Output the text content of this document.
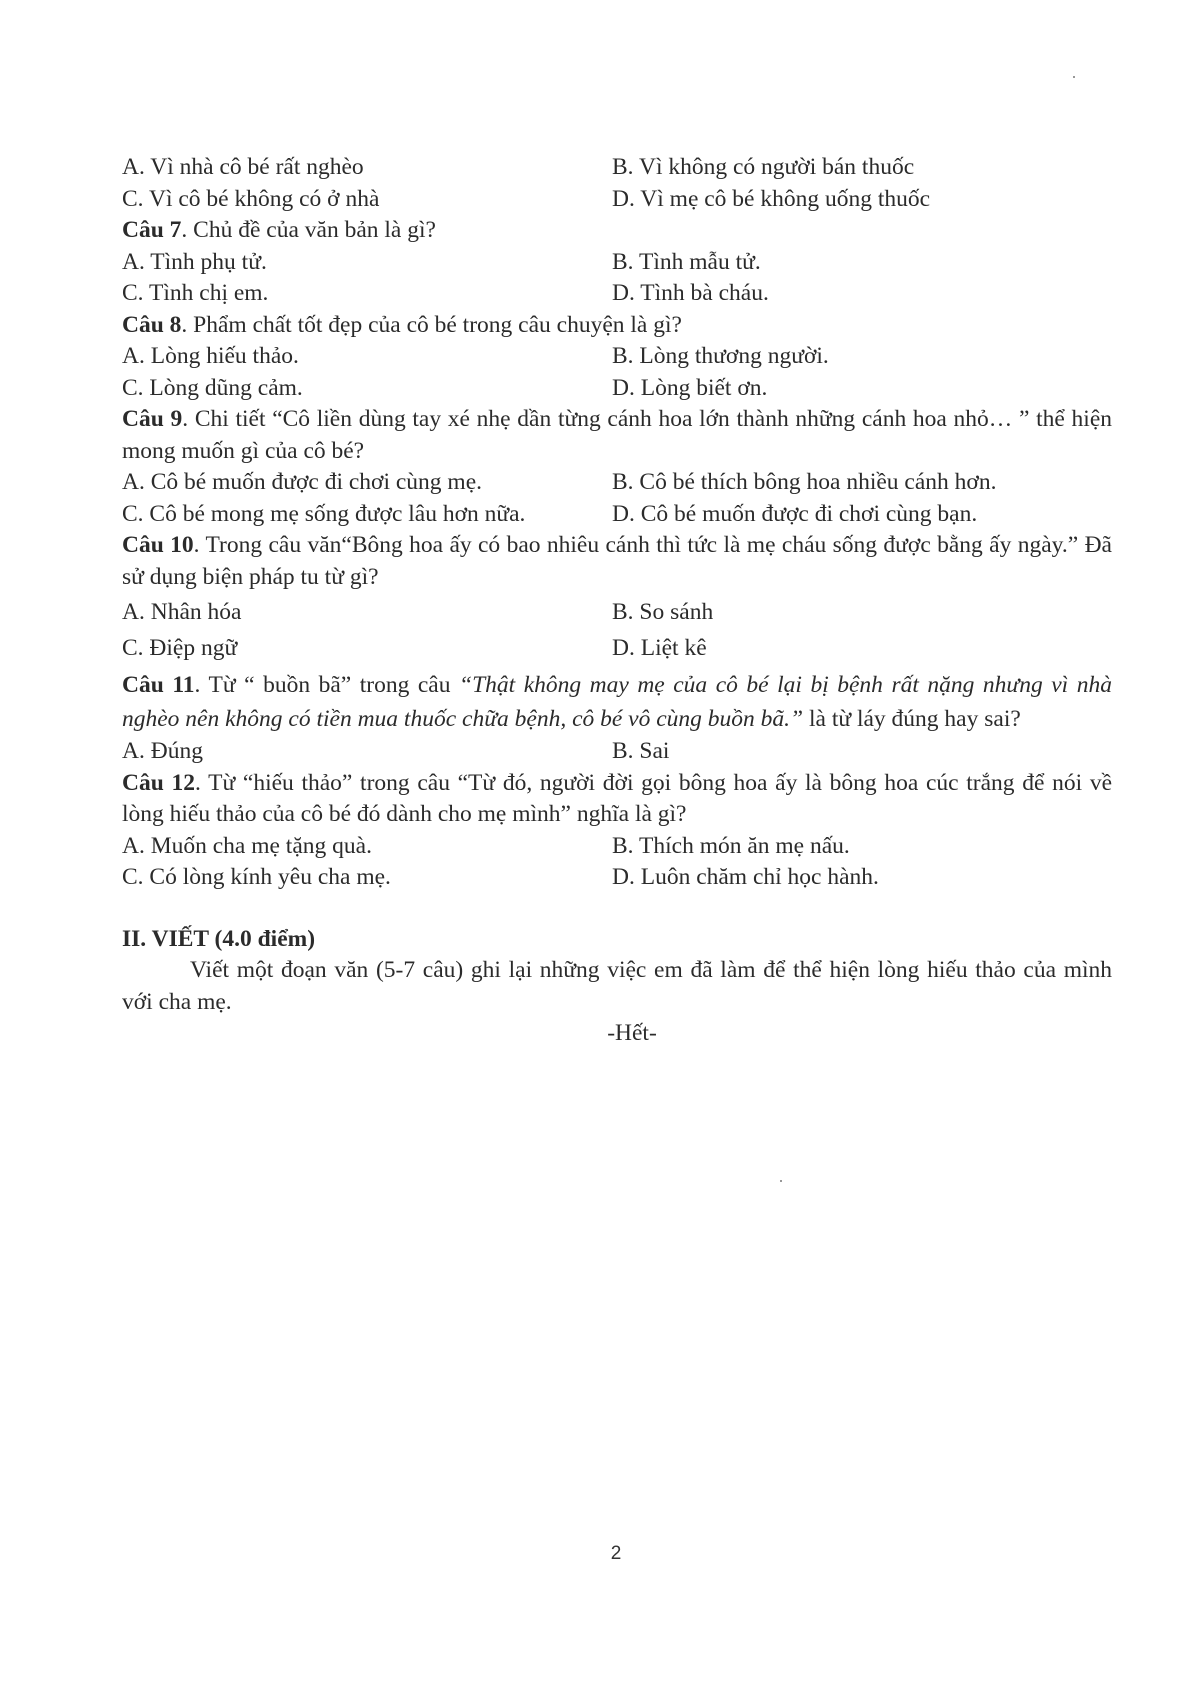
A. Vì nhà cô bé rất nghèo	B. Vì không có người bán thuốc
C. Vì cô bé không có ở nhà	D. Vì mẹ cô bé không uống thuốc
Câu 7. Chủ đề của văn bản là gì?
A. Tình phụ tử.	B. Tình mẫu tử.
C. Tình chị em.	D. Tình bà cháu.
Câu 8. Phẩm chất tốt đẹp của cô bé trong câu chuyện là gì?
A. Lòng hiếu thảo.	B. Lòng thương người.
C. Lòng dũng cảm.	D. Lòng biết ơn.
Câu 9. Chi tiết “Cô liền dùng tay xé nhẹ dần từng cánh hoa lớn thành những cánh hoa nhỏ… ” thể hiện mong muốn gì của cô bé?
A. Cô bé muốn được đi chơi cùng mẹ.	B. Cô bé thích bông hoa nhiều cánh hơn.
C. Cô bé mong mẹ sống được lâu hơn nữa.	D. Cô bé muốn được đi chơi cùng bạn.
Câu 10. Trong câu văn“Bông hoa ấy có bao nhiêu cánh thì tức là mẹ cháu sống được bằng ấy ngày.” Đã sử dụng biện pháp tu từ gì?
A. Nhân hóa	B. So sánh
C. Điệp ngữ	D. Liệt kê
Câu 11. Từ “ buồn bã” trong câu “Thật không may mẹ của cô bé lại bị bệnh rất nặng nhưng vì nhà nghèo nên không có tiền mua thuốc chữa bệnh, cô bé vô cùng buồn bã.” là từ láy đúng hay sai?
A. Đúng	B. Sai
Câu 12. Từ “hiếu thảo” trong câu “Từ đó, người đời gọi bông hoa ấy là bông hoa cúc trắng để nói về lòng hiếu thảo của cô bé đó dành cho mẹ mình” nghĩa là gì?
A. Muốn cha mẹ tặng quà.	B. Thích món ăn mẹ nấu.
C. Có lòng kính yêu cha mẹ.	D. Luôn chăm chỉ học hành.
II. VIẾT (4.0 điểm)
Viết một đoạn văn (5-7 câu) ghi lại những việc em đã làm để thể hiện lòng hiếu thảo của mình với cha mẹ.
-Hết-
2
